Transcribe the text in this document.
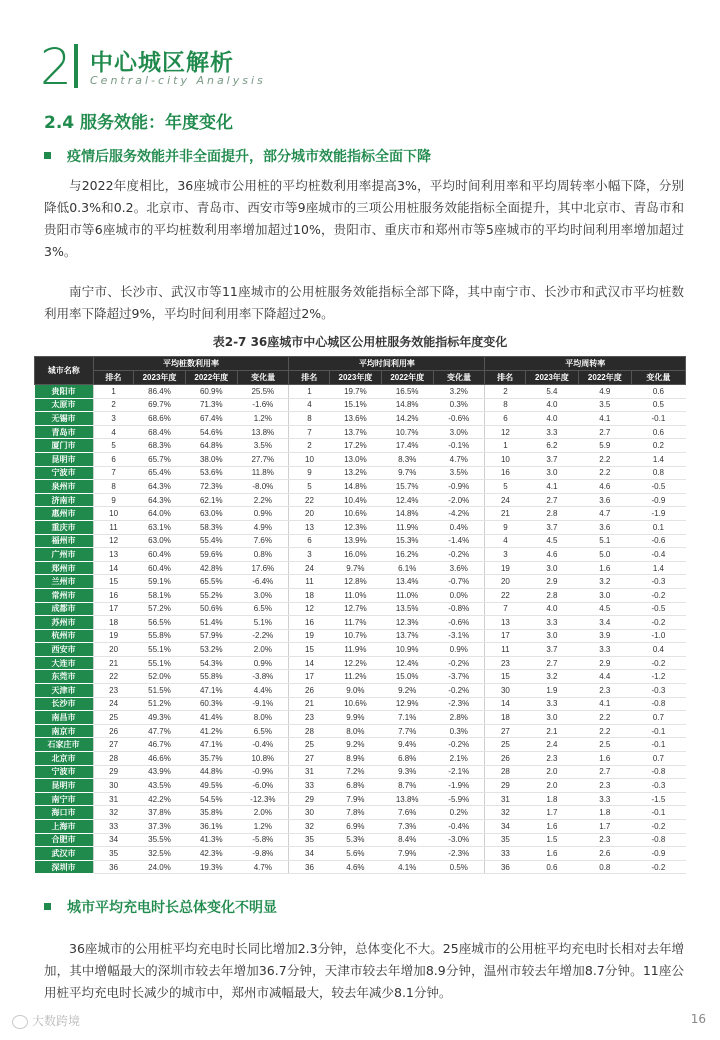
2 中心城区解析
Central-city Analysis
2.4 服务效能：年度变化
疫情后服务效能并非全面提升，部分城市效能指标全面下降
与2022年度相比，36座城市公用桩的平均桩数利用率提高3%，平均时间利用率和平均周转率小幅下降，分别降低0.3%和0.2。北京市、青岛市、西安市等9座城市的三项公用桩服务效能指标全面提升，其中北京市、青岛市和贵阳市等6座城市的平均桩数利用率增加超过10%，贵阳市、重庆市和郑州市等5座城市的平均时间利用率增加超过3%。
南宁市、长沙市、武汉市等11座城市的公用桩服务效能指标全部下降，其中南宁市、长沙市和武汉市平均桩数利用率下降超过9%，平均时间利用率下降超过2%。
表2-7 36座城市中心城区公用桩服务效能指标年度变化
城市名称	平均桩数利用率				平均时间利用率				平均周转率			
	排名	2023年度	2022年度	变化量	排名	2023年度	2022年度	变化量	排名	2023年度	2022年度	变化量
贵阳市	1	86.4%	60.9%	25.5%	1	19.7%	16.5%	3.2%	2	5.4	4.9	0.6
太原市	2	69.7%	71.3%	-1.6%	4	15.1%	14.8%	0.3%	8	4.0	3.5	0.5
无锡市	3	68.6%	67.4%	1.2%	8	13.6%	14.2%	-0.6%	6	4.0	4.1	-0.1
青岛市	4	68.4%	54.6%	13.8%	7	13.7%	10.7%	3.0%	12	3.3	2.7	0.6
厦门市	5	68.3%	64.8%	3.5%	2	17.2%	17.4%	-0.1%	1	6.2	5.9	0.2
昆明市	6	65.7%	38.0%	27.7%	10	13.0%	8.3%	4.7%	10	3.7	2.2	1.4
宁波市	7	65.4%	53.6%	11.8%	9	13.2%	9.7%	3.5%	16	3.0	2.2	0.8
泉州市	8	64.3%	72.3%	-8.0%	5	14.8%	15.7%	-0.9%	5	4.1	4.6	-0.5
济南市	9	64.3%	62.1%	2.2%	22	10.4%	12.4%	-2.0%	24	2.7	3.6	-0.9
惠州市	10	64.0%	63.0%	0.9%	20	10.6%	14.8%	-4.2%	21	2.8	4.7	-1.9
重庆市	11	63.1%	58.3%	4.9%	13	12.3%	11.9%	0.4%	9	3.7	3.6	0.1
福州市	12	63.0%	55.4%	7.6%	6	13.9%	15.3%	-1.4%	4	4.5	5.1	-0.6
广州市	13	60.4%	59.6%	0.8%	3	16.0%	16.2%	-0.2%	3	4.6	5.0	-0.4
郑州市	14	60.4%	42.8%	17.6%	24	9.7%	6.1%	3.6%	19	3.0	1.6	1.4
兰州市	15	59.1%	65.5%	-6.4%	11	12.8%	13.4%	-0.7%	20	2.9	3.2	-0.3
常州市	16	58.1%	55.2%	3.0%	18	11.0%	11.0%	0.0%	22	2.8	3.0	-0.2
成都市	17	57.2%	50.6%	6.5%	12	12.7%	13.5%	-0.8%	7	4.0	4.5	-0.5
苏州市	18	56.5%	51.4%	5.1%	16	11.7%	12.3%	-0.6%	13	3.3	3.4	-0.2
杭州市	19	55.8%	57.9%	-2.2%	19	10.7%	13.7%	-3.1%	17	3.0	3.9	-1.0
西安市	20	55.1%	53.2%	2.0%	15	11.9%	10.9%	0.9%	11	3.7	3.3	0.4
大连市	21	55.1%	54.3%	0.9%	14	12.2%	12.4%	-0.2%	23	2.7	2.9	-0.2
东莞市	22	52.0%	55.8%	-3.8%	17	11.2%	15.0%	-3.7%	15	3.2	4.4	-1.2
天津市	23	51.5%	47.1%	4.4%	26	9.0%	9.2%	-0.2%	30	1.9	2.3	-0.3
长沙市	24	51.2%	60.3%	-9.1%	21	10.6%	12.9%	-2.3%	14	3.3	4.1	-0.8
南昌市	25	49.3%	41.4%	8.0%	23	9.9%	7.1%	2.8%	18	3.0	2.2	0.7
南京市	26	47.7%	41.2%	6.5%	28	8.0%	7.7%	0.3%	27	2.1	2.2	-0.1
石家庄市	27	46.7%	47.1%	-0.4%	25	9.2%	9.4%	-0.2%	25	2.4	2.5	-0.1
北京市	28	46.6%	35.7%	10.8%	27	8.9%	6.8%	2.1%	26	2.3	1.6	0.7
宁波市	29	43.9%	44.8%	-0.9%	31	7.2%	9.3%	-2.1%	28	2.0	2.7	-0.8
昆明市	30	43.5%	49.5%	-6.0%	33	6.8%	8.7%	-1.9%	29	2.0	2.3	-0.3
南宁市	31	42.2%	54.5%	-12.3%	29	7.9%	13.8%	-5.9%	31	1.8	3.3	-1.5
海口市	32	37.8%	35.8%	2.0%	30	7.8%	7.6%	0.2%	32	1.7	1.8	-0.1
上海市	33	37.3%	36.1%	1.2%	32	6.9%	7.3%	-0.4%	34	1.6	1.7	-0.2
合肥市	34	35.5%	41.3%	-5.8%	35	5.3%	8.4%	-3.0%	35	1.5	2.3	-0.8
武汉市	35	32.5%	42.3%	-9.8%	34	5.6%	7.9%	-2.3%	33	1.6	2.6	-0.9
深圳市	36	24.0%	19.3%	4.7%	36	4.6%	4.1%	0.5%	36	0.6	0.8	-0.2
城市平均充电时长总体变化不明显
36座城市的公用桩平均充电时长同比增加2.3分钟，总体变化不大。25座城市的公用桩平均充电时长相对去年增加，其中增幅最大的深圳市较去年增加36.7分钟，天津市较去年增加8.9分钟，温州市较去年增加8.7分钟。11座公用桩平均充电时长减少的城市中，郑州市减幅最大，较去年减少8.1分钟。
大数跨境	16
